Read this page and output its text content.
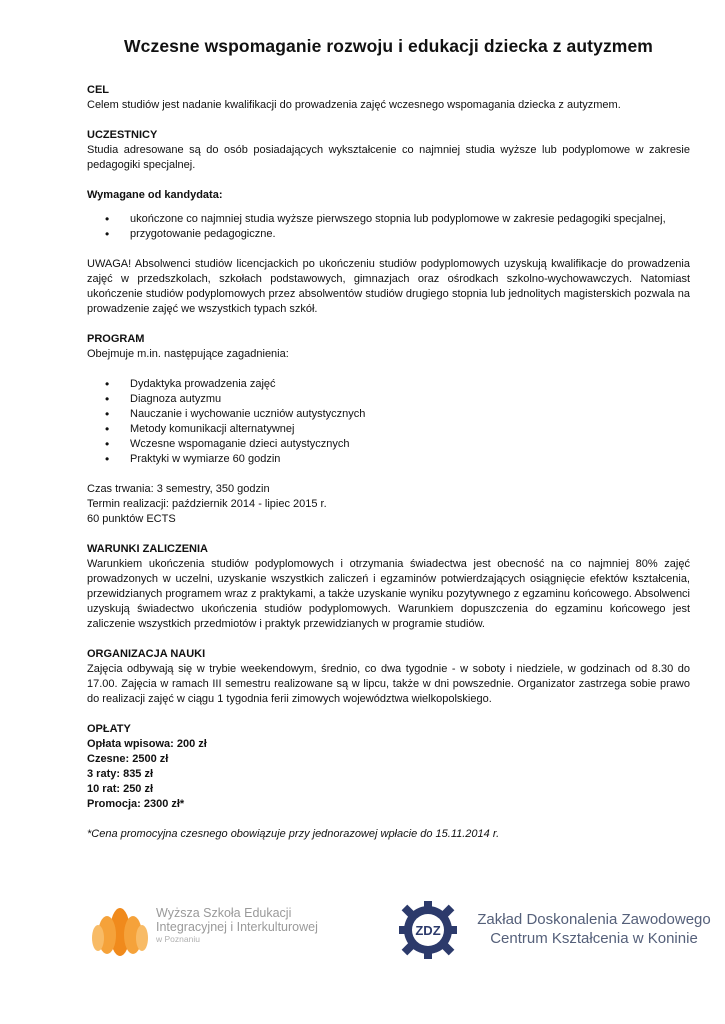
Wczesne wspomaganie rozwoju i edukacji dziecka z autyzmem
CEL
Celem studiów jest nadanie kwalifikacji do prowadzenia zajęć wczesnego wspomagania dziecka z autyzmem.
UCZESTNICY
Studia adresowane są do osób posiadających wykształcenie co najmniej studia wyższe lub podyplomowe w zakresie pedagogiki specjalnej.
Wymagane od kandydata:
• ukończone co najmniej studia wyższe pierwszego stopnia lub podyplomowe w zakresie pedagogiki specjalnej,
• przygotowanie pedagogiczne.
UWAGA! Absolwenci studiów licencjackich po ukończeniu studiów podyplomowych uzyskują kwalifikacje do prowadzenia zajęć w przedszkolach, szkołach podstawowych, gimnazjach oraz ośrodkach szkolno-wychowawczych. Natomiast ukończenie studiów podyplomowych przez absolwentów studiów drugiego stopnia lub jednolitych magisterskich pozwala na prowadzenie zajęć we wszystkich typach szkół.
PROGRAM
Obejmuje m.in. następujące zagadnienia:
• Dydaktyka prowadzenia zajęć
• Diagnoza autyzmu
• Nauczanie i wychowanie uczniów autystycznych
• Metody komunikacji alternatywnej
• Wczesne wspomaganie dzieci autystycznych
• Praktyki w wymiarze 60 godzin
Czas trwania: 3 semestry, 350 godzin
Termin realizacji: październik 2014 - lipiec 2015 r.
60 punktów ECTS
WARUNKI ZALICZENIA
Warunkiem ukończenia studiów podyplomowych i otrzymania świadectwa jest obecność na co najmniej 80% zajęć prowadzonych w uczelni, uzyskanie wszystkich zaliczeń i egzaminów potwierdzających osiągnięcie efektów kształcenia, przewidzianych programem wraz z praktykami, a także uzyskanie wyniku pozytywnego z egzaminu końcowego. Absolwenci uzyskują świadectwo ukończenia studiów podyplomowych. Warunkiem dopuszczenia do egzaminu końcowego jest zaliczenie wszystkich przedmiotów i praktyk przewidzianych w programie studiów.
ORGANIZACJA NAUKI
Zajęcia odbywają się w trybie weekendowym, średnio, co dwa tygodnie - w soboty i niedziele, w godzinach od 8.30 do 17.00. Zajęcia w ramach III semestru realizowane są w lipcu, także w dni powszednie. Organizator zastrzega sobie prawo do realizacji zajęć w ciągu 1 tygodnia ferii zimowych województwa wielkopolskiego.
OPŁATY
Opłata wpisowa: 200 zł
Czesne: 2500 zł
3 raty: 835 zł
10 rat: 250 zł
Promocja: 2300 zł*
*Cena promocyjna czesnego obowiązuje przy jednorazowej wpłacie do 15.11.2014 r.
Wyższa Szkoła Edukacji
Integracyjnej i Interkulturowej
w Poznaniu
ZDZ
Zakład Doskonalenia Zawodowego
Centrum Kształcenia w Koninie
